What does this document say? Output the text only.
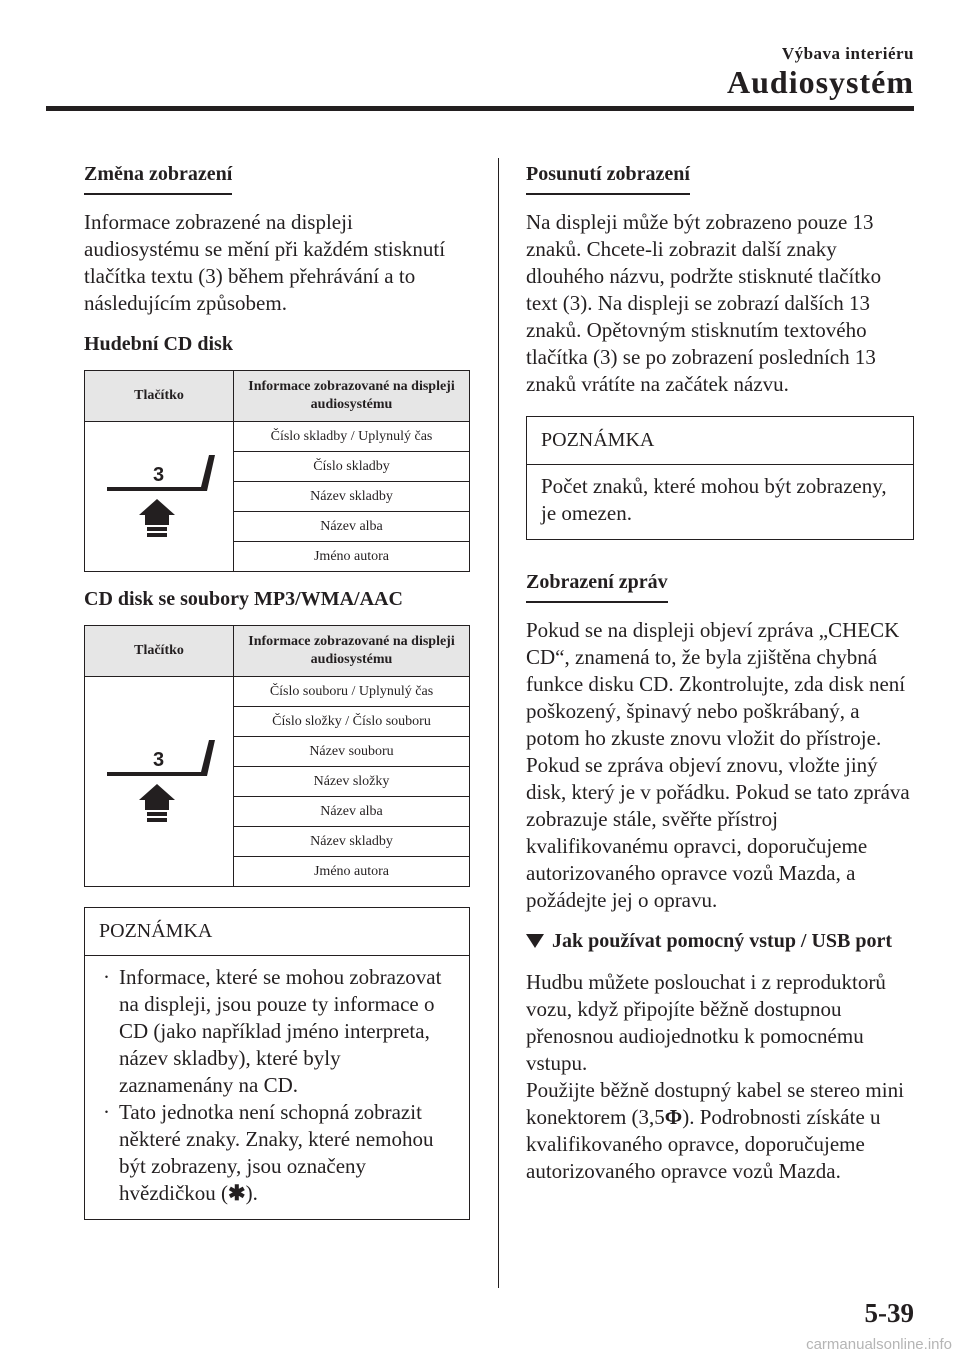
Výbava interiéru
Audiosystém
Změna zobrazení

Informace zobrazené na displeji audiosystému se mění při každém stisknutí tlačítka textu (3) během přehrávání a to následujícím způsobem.

Hudební CD disk
Tlačítko	Informace zobrazované na displeji audiosystému

3	Číslo skladby / Uplynulý čas
	Číslo skladby
	Název skladby
	Název alba
	Jméno autora
CD disk se soubory MP3/WMA/AAC
Tlačítko	Informace zobrazované na displeji audiosystému

3	Číslo souboru / Uplynulý čas
	Číslo složky / Číslo souboru
	Název souboru
	Název složky
	Název alba
	Název skladby
	Jméno autora
POZNÁMKA

· Informace, které se mohou zobrazovat na displeji, jsou pouze ty informace o CD (jako například jméno interpreta, název skladby), které byly zaznamenány na CD.

· Tato jednotka není schopná zobrazit některé znaky. Znaky, které nemohou být zobrazeny, jsou označeny hvězdičkou (✱).

Posunutí zobrazení

Na displeji může být zobrazeno pouze 13 znaků. Chcete-li zobrazit další znaky dlouhého názvu, podržte stisknuté tlačítko text (3). Na displeji se zobrazí dalších 13 znaků. Opětovným stisknutím textového tlačítka (3) se po zobrazení posledních 13 znaků vrátíte na začátek názvu.

POZNÁMKA
Počet znaků, které mohou být zobrazeny, je omezen.
Zobrazení zpráv

Pokud se na displeji objeví zpráva „CHECK CD“, znamená to, že byla zjištěna chybná funkce disku CD. Zkontrolujte, zda disk není poškozený, špinavý nebo poškrábaný, a potom ho zkuste znovu vložit do přístroje. Pokud se zpráva objeví znovu, vložte jiný disk, který je v pořádku. Pokud se tato zpráva zobrazuje stále, svěřte přístroj kvalifikovanému opravci, doporučujeme autorizovaného opravce vozů Mazda, a požádejte jej o opravu.

Jak používat pomocný vstup / USB port

Hudbu můžete poslouchat i z reproduktorů vozu, když připojíte běžně dostupnou přenosnou audiojednotku k pomocnému vstupu.

Použijte běžně dostupný kabel se stereo mini konektorem (3,5Φ). Podrobnosti získáte u kvalifikovaného opravce, doporučujeme autorizovaného opravce vozů Mazda.

5-39
carmanualsonline.info
